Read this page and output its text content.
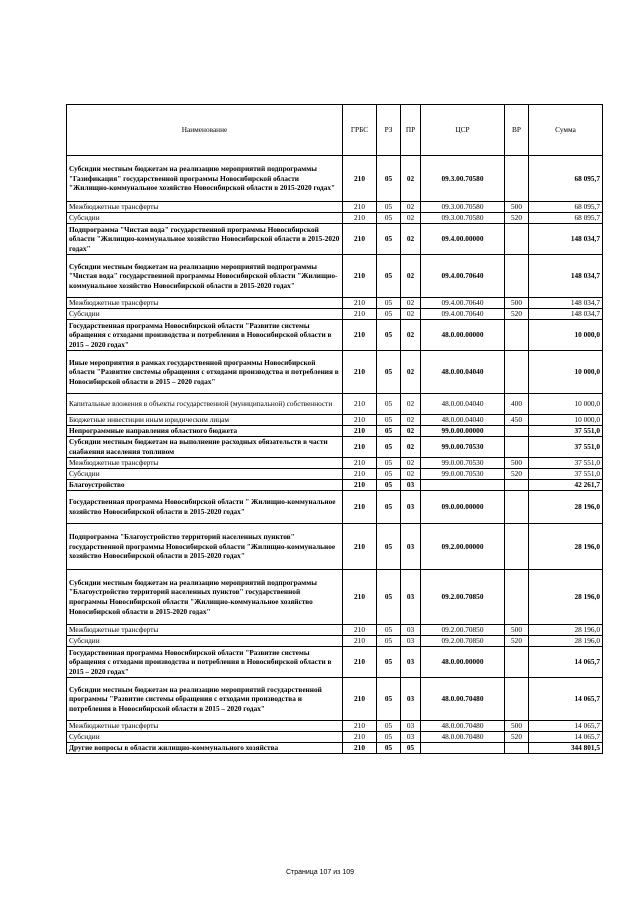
Наименование	ГРБС	РЗ	ПР	ЦСР	ВР	Сумма
Субсидии местным бюджетам на реализацию мероприятий подпрограммы "Газификация" государственной программы Новосибирской области "Жилищно-коммунальное хозяйство Новосибирской области в 2015-2020 годах"	210	05	02	09.3.00.70580		68 095,7
Межбюджетные трансферты	210	05	02	09.3.00.70580	500	68 095,7
Субсидии	210	05	02	09.3.00.70580	520	68 095,7
Подпрограмма "Чистая вода" государственной программы Новосибирской области "Жилищно-коммунальное хозяйство Новосибирской области в 2015-2020 годах"	210	05	02	09.4.00.00000		148 034,7
Субсидии местным бюджетам на реализацию мероприятий подпрограммы "Чистая вода" государственной программы Новосибирской области "Жилищно-коммунальное хозяйство Новосибирской области в 2015-2020 годах"	210	05	02	09.4.00.70640		148 034,7
Межбюджетные трансферты	210	05	02	09.4.00.70640	500	148 034,7
Субсидии	210	05	02	09.4.00.70640	520	148 034,7
Государственная программа Новосибирской области "Развитие системы обращения с отходами производства и потребления в Новосибирской области в 2015 – 2020 годах"	210	05	02	48.0.00.00000		10 000,0
Иные мероприятия в рамках государственной программы Новосибирской области "Развитие системы обращения с отходами производства и потребления в Новосибирской области в 2015 – 2020 годах"	210	05	02	48.0.00.04040		10 000,0
Капитальные вложения в объекты государственной (муниципальной) собственности	210	05	02	48.0.00.04040	400	10 000,0
Бюджетные инвестиции иным юридическим лицам	210	05	02	48.0.00.04040	450	10 000,0
Непрограммные направления областного бюджета	210	05	02	99.0.00.00000		37 551,0
Субсидии местным бюджетам на выполнение расходных обязательств в части снабжения населения топливом	210	05	02	99.0.00.70530		37 551,0
Межбюджетные трансферты	210	05	02	99.0.00.70530	500	37 551,0
Субсидии	210	05	02	99.0.00.70530	520	37 551,0
Благоустройство	210	05	03			42 261,7
Государственная программа Новосибирской области " Жилищно-коммунальное хозяйство Новосибирской области в 2015-2020 годах"	210	05	03	09.0.00.00000		28 196,0
Подпрограмма "Благоустройство территорий населенных пунктов" государственной программы Новосибирской области "Жилищно-коммунальное хозяйство Новосибирской области в 2015-2020 годах"	210	05	03	09.2.00.00000		28 196,0
Субсидии местным бюджетам на реализацию мероприятий подпрограммы "Благоустройство территорий населенных пунктов" государственной программы Новосибирской области "Жилищно-коммунальное хозяйство Новосибирской области в 2015-2020 годах"	210	05	03	09.2.00.70850		28 196,0
Межбюджетные трансферты	210	05	03	09.2.00.70850	500	28 196,0
Субсидии	210	05	03	09.2.00.70850	520	28 196,0
Государственная программа Новосибирской области "Развитие системы обращения с отходами производства и потребления в Новосибирской области в 2015 – 2020 годах"	210	05	03	48.0.00.00000		14 065,7
Субсидии местным бюджетам на реализацию мероприятий государственной программы "Развитие системы обращения с отходами производства и потребления в Новосибирской области в 2015 – 2020 годах"	210	05	03	48.0.00.70480		14 065,7
Межбюджетные трансферты	210	05	03	48.0.00.70480	500	14 065,7
Субсидии	210	05	03	48.0.00.70480	520	14 065,7
Другие вопросы в области жилищно-коммунального хозяйства	210	05	05			344 801,5
Страница 107 из 109
